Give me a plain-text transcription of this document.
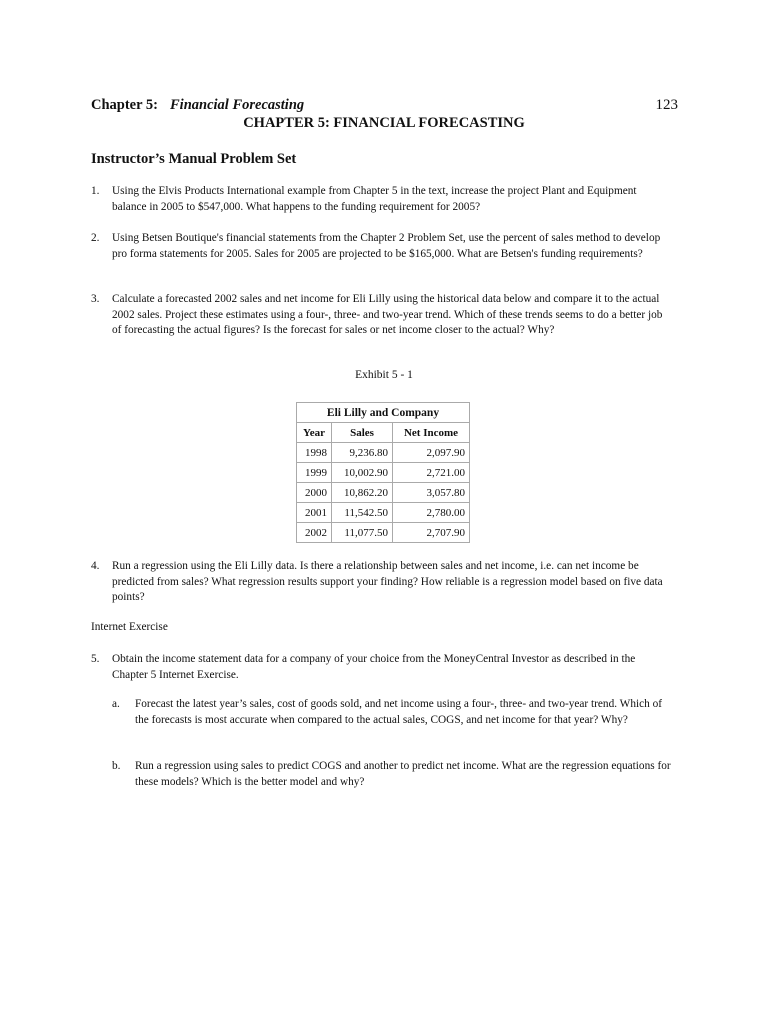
Chapter 5: Financial Forecasting	123
CHAPTER 5: FINANCIAL FORECASTING
Instructor’s Manual Problem Set
1. Using the Elvis Products International example from Chapter 5 in the text, increase the project Plant and Equipment balance in 2005 to $547,000. What happens to the funding requirement for 2005?
2. Using Betsen Boutique's financial statements from the Chapter 2 Problem Set, use the percent of sales method to develop pro forma statements for 2005. Sales for 2005 are projected to be $165,000. What are Betsen's funding requirements?
3. Calculate a forecasted 2002 sales and net income for Eli Lilly using the historical data below and compare it to the actual 2002 sales. Project these estimates using a four-, three- and two-year trend. Which of these trends seems to do a better job of forecasting the actual figures? Is the forecast for sales or net income closer to the actual? Why?
Exhibit 5 - 1
Eli Lilly and Company		
Year	Sales	Net Income
1998	9,236.80	2,097.90
1999	10,002.90	2,721.00
2000	10,862.20	3,057.80
2001	11,542.50	2,780.00
2002	11,077.50	2,707.90
4. Run a regression using the Eli Lilly data. Is there a relationship between sales and net income, i.e. can net income be predicted from sales? What regression results support your finding? How reliable is a regression model based on five data points?
Internet Exercise
5. Obtain the income statement data for a company of your choice from the MoneyCentral Investor as described in the Chapter 5 Internet Exercise.
a. Forecast the latest year’s sales, cost of goods sold, and net income using a four-, three- and two-year trend. Which of the forecasts is most accurate when compared to the actual sales, COGS, and net income for that year? Why?
b. Run a regression using sales to predict COGS and another to predict net income. What are the regression equations for these models? Which is the better model and why?
